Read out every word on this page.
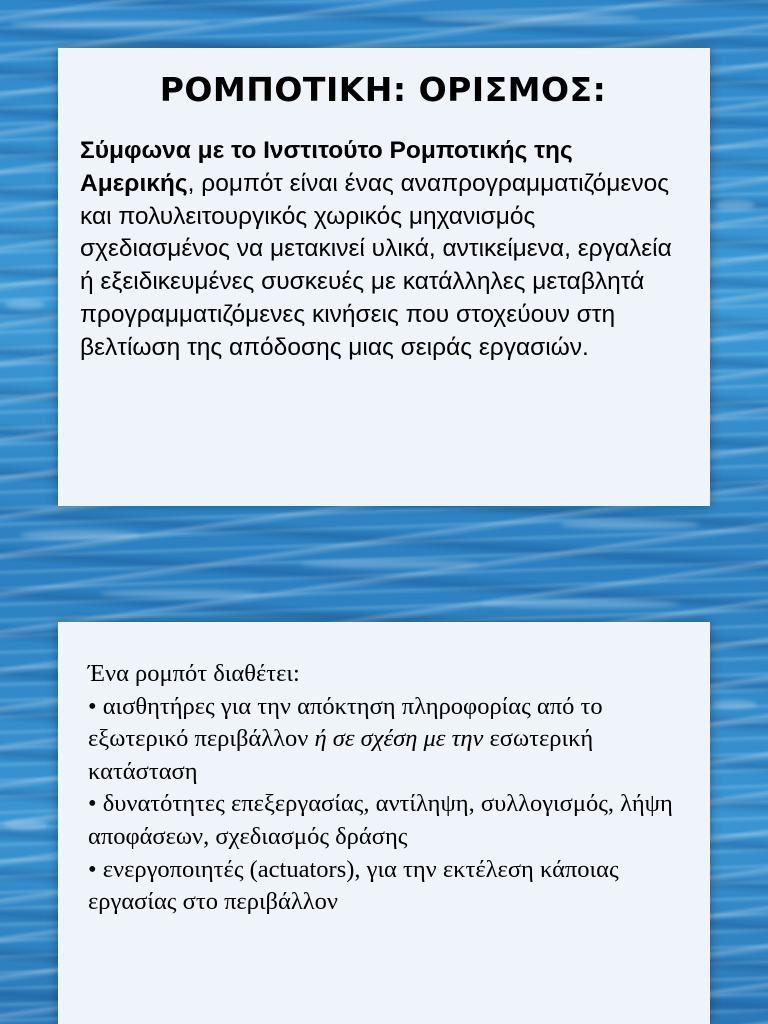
ΡΟΜΠΟΤΙΚΗ: ΟΡΙΣΜΟΣ:

Σύμφωνα με το Ινστιτούτο Ρομποτικής της Αμερικής, ρομπότ είναι ένας αναπρογραμματιζόμενος και πολυλειτουργικός χωρικός μηχανισμός σχεδιασμένος να μετακινεί υλικά, αντικείμενα, εργαλεία ή εξειδικευμένες συσκευές με κατάλληλες μεταβλητά προγραμματιζόμενες κινήσεις που στοχεύουν στη βελτίωση της απόδοσης μιας σειράς εργασιών.

Ένα ρομπότ διαθέτει:
• αισθητήρες για την απόκτηση πληροφορίας από το εξωτερικό περιβάλλον ή σε σχέση με την εσωτερική κατάσταση
• δυνατότητες επεξεργασίας, αντίληψη, συλλογισμός, λήψη αποφάσεων, σχεδιασμός δράσης
• ενεργοποιητές (actuators), για την εκτέλεση κάποιας εργασίας στο περιβάλλον
